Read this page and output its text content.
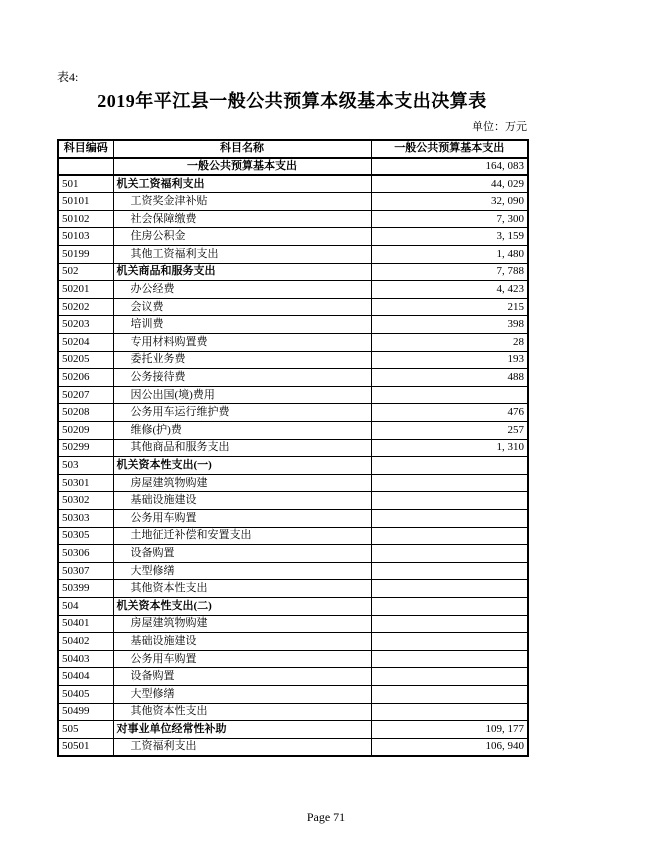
表4:
2019年平江县一般公共预算本级基本支出决算表
单位：万元
科目编码	科目名称	一般公共预算基本支出
	一般公共预算基本支出	164, 083
501	机关工资福利支出	44, 029
50101	工资奖金津补贴	32, 090
50102	社会保障缴费	7, 300
50103	住房公积金	3, 159
50199	其他工资福利支出	1, 480
502	机关商品和服务支出	7, 788
50201	办公经费	4, 423
50202	会议费	215
50203	培训费	398
50204	专用材料购置费	28
50205	委托业务费	193
50206	公务接待费	488
50207	因公出国(境)费用	
50208	公务用车运行维护费	476
50209	维修(护)费	257
50299	其他商品和服务支出	1, 310
503	机关资本性支出(一)	
50301	房屋建筑物购建	
50302	基础设施建设	
50303	公务用车购置	
50305	土地征迁补偿和安置支出	
50306	设备购置	
50307	大型修缮	
50399	其他资本性支出	
504	机关资本性支出(二)	
50401	房屋建筑物购建	
50402	基础设施建设	
50403	公务用车购置	
50404	设备购置	
50405	大型修缮	
50499	其他资本性支出	
505	对事业单位经常性补助	109, 177
50501	工资福利支出	106, 940
Page 71
